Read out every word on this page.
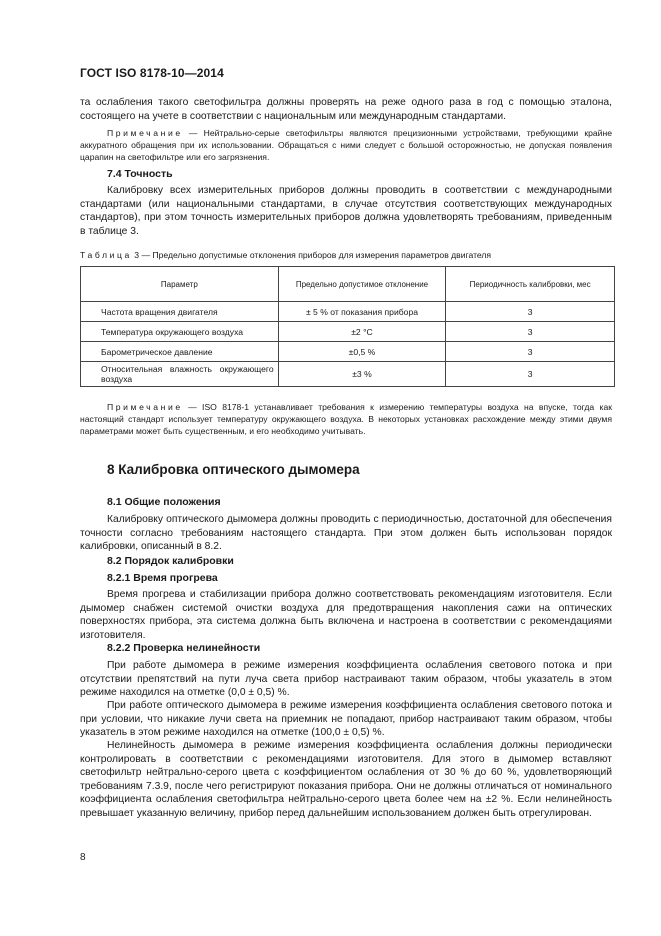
ГОСТ ISO 8178-10—2014

та ослабления такого светофильтра должны проверять на реже одного раза в год с помощью эталона, состоящего на учете в соответствии с национальным или международным стандартами.

Примечание — Нейтрально-серые светофильтры являются прецизионными устройствами, требующими крайне аккуратного обращения при их использовании. Обращаться с ними следует с большой осторожностью, не допуская появления царапин на светофильтре или его загрязнения.

7.4 Точность

Калибровку всех измерительных приборов должны проводить в соответствии с международными стандартами (или национальными стандартами, в случае отсутствия соответствующих международных стандартов), при этом точность измерительных приборов должна удовлетворять требованиям, приведенным в таблице 3.

Таблица 3 — Предельно допустимые отклонения приборов для измерения параметров двигателя
Параметр	Предельно допустимое отклонение	Периодичность калибровки, мес
Частота вращения двигателя	± 5 % от показания прибора	3
Температура окружающего воздуха	±2 °С	3
Барометрическое давление	±0,5 %	3
Относительная влажность окружающего воздуха	±3 %	3

Примечание — ISO 8178-1 устанавливает требования к измерению температуры воздуха на впуске, тогда как настоящий стандарт использует температуру окружающего воздуха. В некоторых установках расхождение между этими двумя параметрами может быть существенным, и его необходимо учитывать.

8 Калибровка оптического дымомера
8.1 Общие положения

Калибровку оптического дымомера должны проводить с периодичностью, достаточной для обеспечения точности согласно требованиям настоящего стандарта. При этом должен быть использован порядок калибровки, описанный в 8.2.

8.2 Порядок калибровки
8.2.1 Время прогрева

Время прогрева и стабилизации прибора должно соответствовать рекомендациям изготовителя. Если дымомер снабжен системой очистки воздуха для предотвращения накопления сажи на оптических поверхностях прибора, эта система должна быть включена и настроена в соответствии с рекомендациями изготовителя.

8.2.2 Проверка нелинейности

При работе дымомера в режиме измерения коэффициента ослабления светового потока и при отсутствии препятствий на пути луча света прибор настраивают таким образом, чтобы указатель в этом режиме находился на отметке (0,0 ± 0,5) %.

При работе оптического дымомера в режиме измерения коэффициента ослабления светового потока и при условии, что никакие лучи света на приемник не попадают, прибор настраивают таким образом, чтобы указатель в этом режиме находился на отметке (100,0 ± 0,5) %.

Нелинейность дымомера в режиме измерения коэффициента ослабления должны периодически контролировать в соответствии с рекомендациями изготовителя. Для этого в дымомер вставляют светофильтр нейтрально-серого цвета с коэффициентом ослабления от 30 % до 60 %, удовлетворяющий требованиям 7.3.9, после чего регистрируют показания прибора. Они не должны отличаться от номинального коэффициента ослабления светофильтра нейтрально-серого цвета более чем на ±2 %. Если нелинейность превышает указанную величину, прибор перед дальнейшим использованием должен быть отрегулирован.

8
